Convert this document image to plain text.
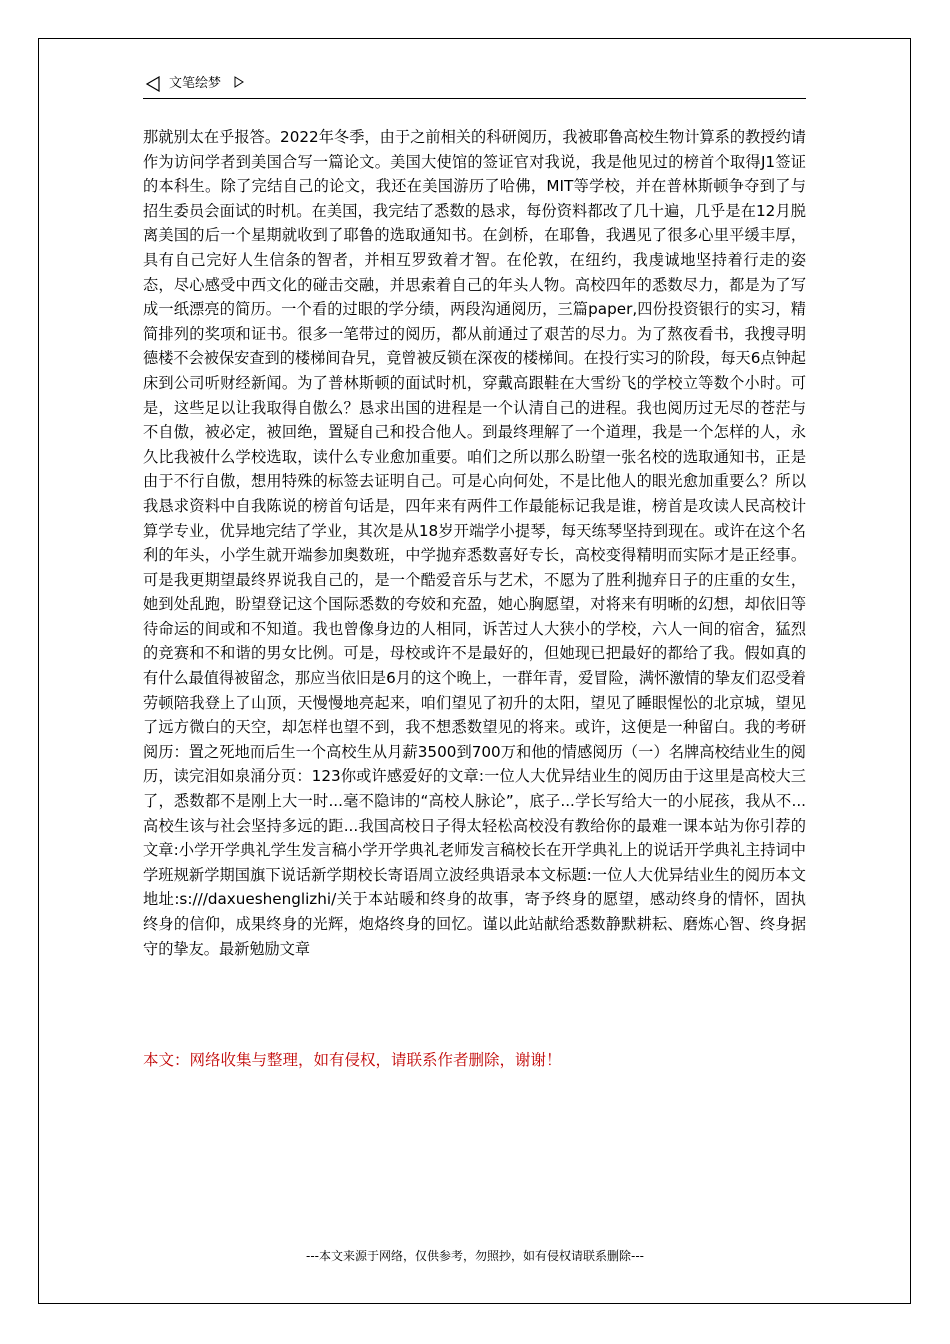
文笔绘梦

那就别太在乎报答。2022年冬季，由于之前相关的科研阅历，我被耶鲁高校生物计算系的教授约请作为访问学者到美国合写一篇论文。美国大使馆的签证官对我说，我是他见过的榜首个取得J1签证的本科生。除了完结自己的论文，我还在美国游历了哈佛，MIT等学校，并在普林斯顿争夺到了与招生委员会面试的时机。在美国，我完结了悉数的恳求，每份资料都改了几十遍，几乎是在12月脱离美国的后一个星期就收到了耶鲁的选取通知书。在剑桥，在耶鲁，我遇见了很多心里平缓丰厚，具有自己完好人生信条的智者，并相互罗致着才智。在伦敦，在纽约，我虔诚地坚持着行走的姿态，尽心感受中西文化的碰击交融，并思索着自己的年头人物。高校四年的悉数尽力，都是为了写成一纸漂亮的简历。一个看的过眼的学分绩，两段沟通阅历，三篇paper,四份投资银行的实习，精简排列的奖项和证书。很多一笔带过的阅历，都从前通过了艰苦的尽力。为了熬夜看书，我搜寻明德楼不会被保安查到的楼梯间旮旯，竟曾被反锁在深夜的楼梯间。在投行实习的阶段，每天6点钟起床到公司听财经新闻。为了普林斯顿的面试时机，穿戴高跟鞋在大雪纷飞的学校立等数个小时。可是，这些足以让我取得自傲么？恳求出国的进程是一个认清自己的进程。我也阅历过无尽的苍茫与不自傲，被必定，被回绝，置疑自己和投合他人。到最终理解了一个道理，我是一个怎样的人，永久比我被什么学校选取，读什么专业愈加重要。咱们之所以那么盼望一张名校的选取通知书，正是由于不行自傲，想用特殊的标签去证明自己。可是心向何处，不是比他人的眼光愈加重要么？所以我恳求资料中自我陈说的榜首句话是，四年来有两件工作最能标记我是谁，榜首是攻读人民高校计算学专业，优异地完结了学业，其次是从18岁开端学小提琴，每天练琴坚持到现在。或许在这个名利的年头，小学生就开端参加奥数班，中学抛弃悉数喜好专长，高校变得精明而实际才是正经事。可是我更期望最终界说我自己的，是一个酷爱音乐与艺术，不愿为了胜利抛弃日子的庄重的女生，她到处乱跑，盼望登记这个国际悉数的夸姣和充盈，她心胸愿望，对将来有明晰的幻想，却依旧等待命运的间或和不知道。我也曾像身边的人相同，诉苦过人大狭小的学校，六人一间的宿舍，猛烈的竞赛和不和谐的男女比例。可是，母校或许不是最好的，但她现已把最好的都给了我。假如真的有什么最值得被留念，那应当依旧是6月的这个晚上，一群年青，爱冒险，满怀激情的挚友们忍受着劳顿陪我登上了山顶，天慢慢地亮起来，咱们望见了初升的太阳，望见了睡眼惺忪的北京城，望见了远方微白的天空，却怎样也望不到，我不想悉数望见的将来。或许，这便是一种留白。我的考研阅历：置之死地而后生一个高校生从月薪3500到700万和他的情感阅历（一）名牌高校结业生的阅历，读完泪如泉涌分页：123你或许感爱好的文章:一位人大优异结业生的阅历由于这里是高校大三了，悉数都不是刚上大一时...毫不隐讳的“高校人脉论”，底子...学长写给大一的小屁孩，我从不...高校生该与社会坚持多远的距...我国高校日子得太轻松高校没有教给你的最难一课本站为你引荐的文章:小学开学典礼学生发言稿小学开学典礼老师发言稿校长在开学典礼上的说话开学典礼主持词中学班规新学期国旗下说话新学期校长寄语周立波经典语录本文标题:一位人大优异结业生的阅历本文地址:s:///daxueshenglizhi/关于本站暖和终身的故事，寄予终身的愿望，感动终身的情怀，固执终身的信仰，成果终身的光辉，炮烙终身的回忆。谨以此站献给悉数静默耕耘、磨炼心智、终身据守的挚友。最新勉励文章

本文：网络收集与整理，如有侵权，请联系作者删除，谢谢！

---本文来源于网络，仅供参考，勿照抄，如有侵权请联系删除---
